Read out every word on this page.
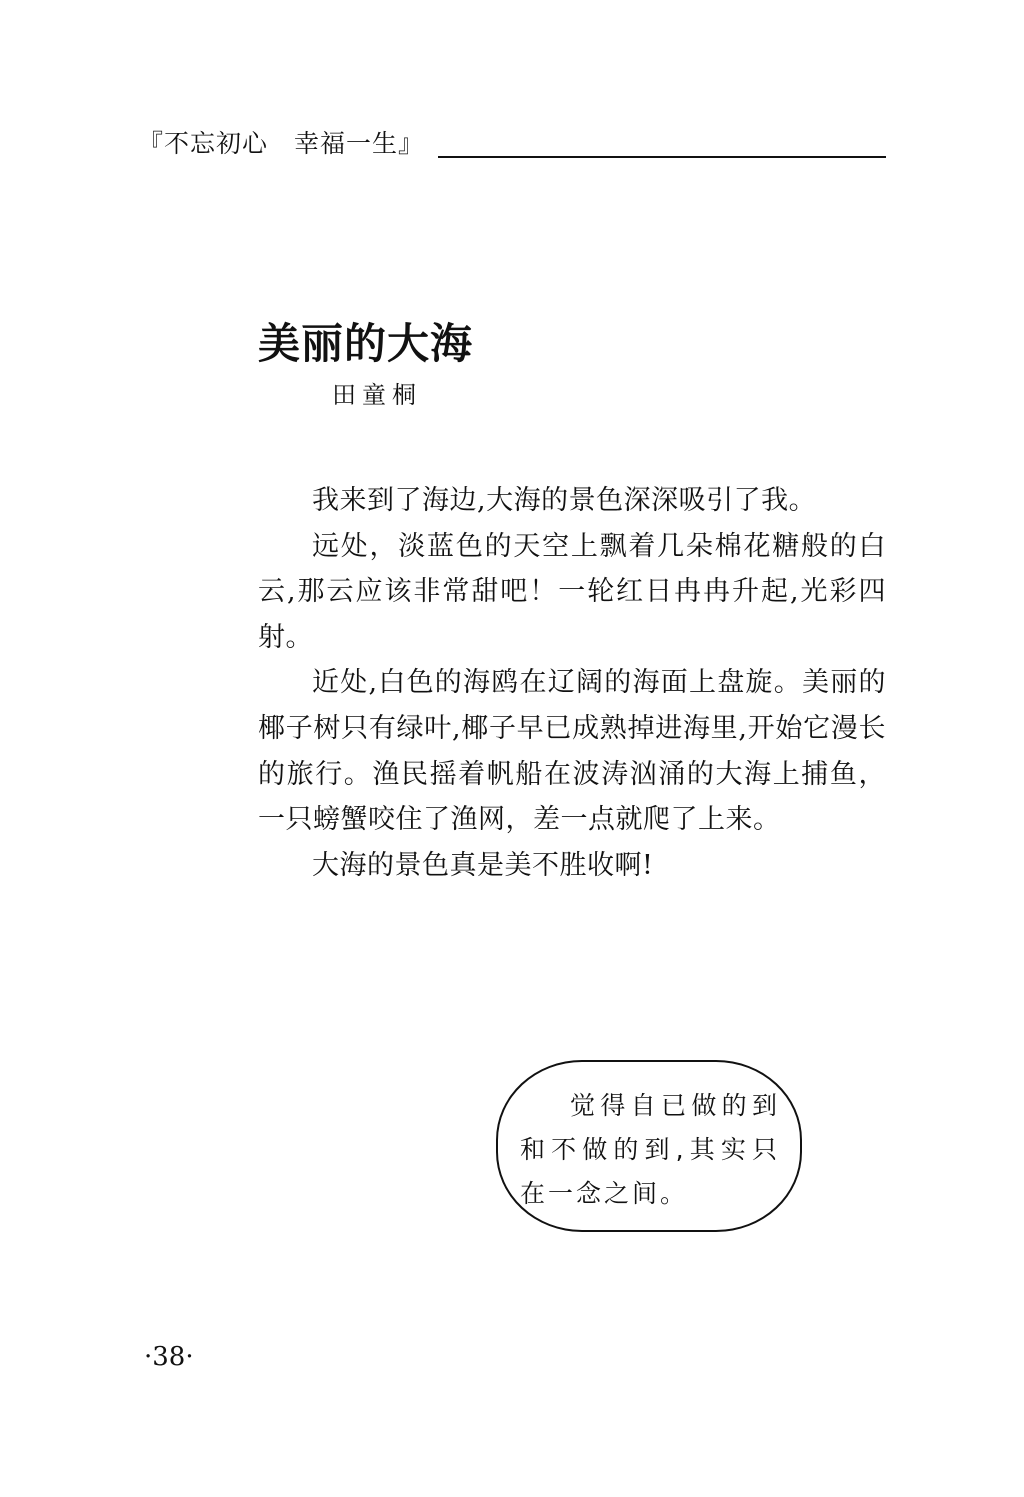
『不忘初心　幸福一生』
美丽的大海
田童桐

我来到了海边,大海的景色深深吸引了我。

远处，淡蓝色的天空上飘着几朵棉花糖般的白云,那云应该非常甜吧！一轮红日冉冉升起,光彩四射。

近处,白色的海鸥在辽阔的海面上盘旋。美丽的椰子树只有绿叶,椰子早已成熟掉进海里,开始它漫长的旅行。渔民摇着帆船在波涛汹涌的大海上捕鱼，一只螃蟹咬住了渔网，差一点就爬了上来。

大海的景色真是美不胜收啊!

觉得自已做的到和不做的到,其实只在一念之间。

·38·
